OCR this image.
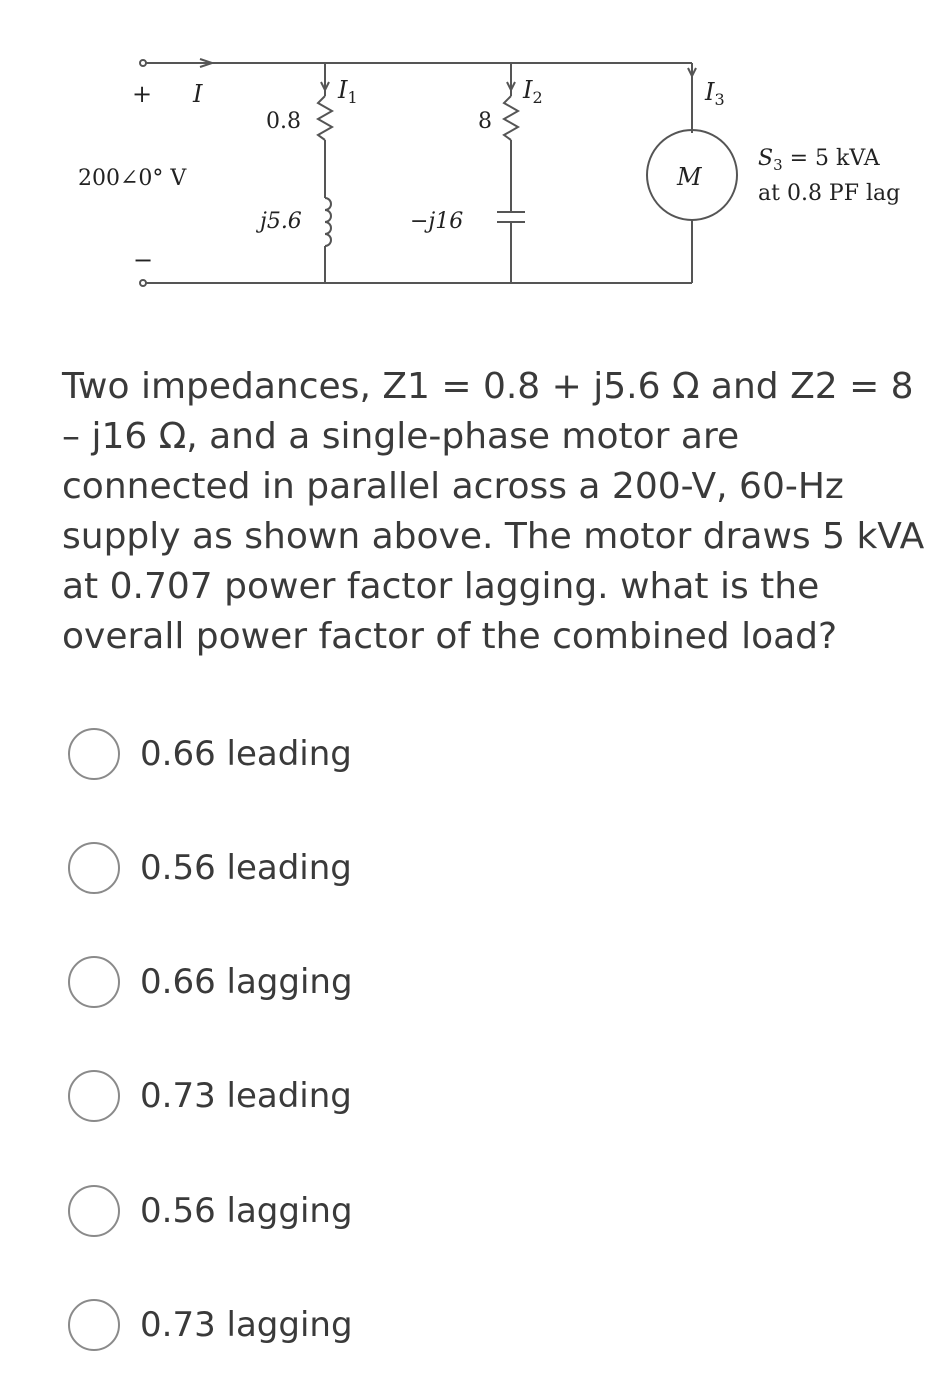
+ I
200∠0° V
−
$I_1$
0.8
j5.6
$I_2$
8
−j16
$I_3$
M
$S_3 = 5$ kVA
at 0.8 PF lag

Two impedances, Z1 = 0.8 + j5.6 Ω and Z2 = 8
– j16 Ω, and a single-phase motor are
connected in parallel across a 200-V, 60-Hz
supply as shown above. The motor draws 5 kVA
at 0.707 power factor lagging. what is the
overall power factor of the combined load?

0.66 leading
0.56 leading
0.66 lagging
0.73 leading
0.56 lagging
0.73 lagging
